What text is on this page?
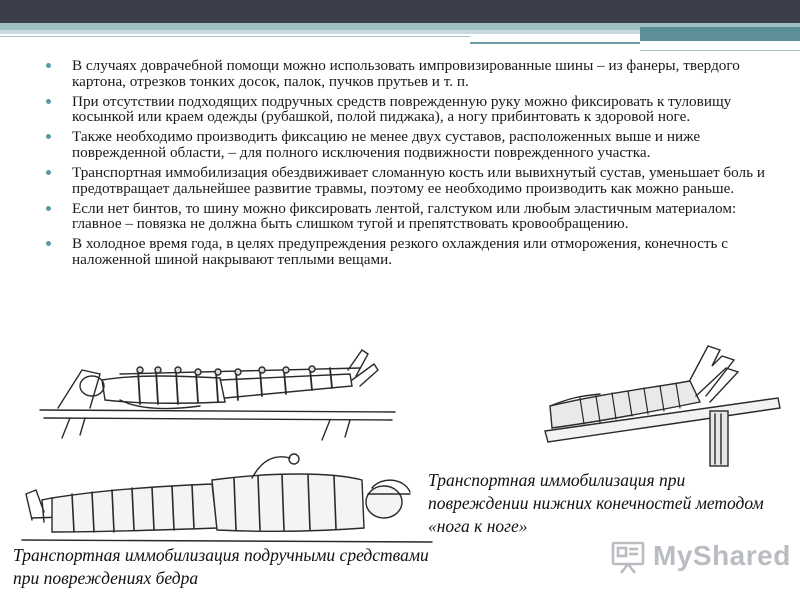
В случаях доврачебной помощи можно использовать импровизированные шины – из фанеры, твердого картона, отрезков тонких досок, палок, пучков прутьев и т. п.
При отсутствии подходящих подручных средств поврежденную руку можно фиксировать к туловищу косынкой или краем одежды (рубашкой, полой пиджака), а ногу прибинтовать к здоровой ноге.
Также необходимо производить фиксацию не менее двух суставов, расположенных выше и ниже поврежденной области, – для полного исключения подвижности поврежденного участка.
Транспортная иммобилизация обездвиживает сломанную кость или вывихнутый сустав, уменьшает боль и предотвращает дальнейшее развитие травмы, поэтому ее необходимо производить как можно раньше.
Если нет бинтов, то шину можно фиксировать лентой, галстуком или любым эластичным материалом: главное – повязка не должна быть слишком тугой и препятствовать кровообращению.
В холодное время года, в целях предупреждения резкого охлаждения или отморожения, конечность с наложенной шиной накрывают теплыми вещами.
Транспортная иммобилизация при повреждении нижних конечностей методом «нога к ноге»
Транспортная иммобилизация подручными средствами при повреждениях бедра
MyShared
